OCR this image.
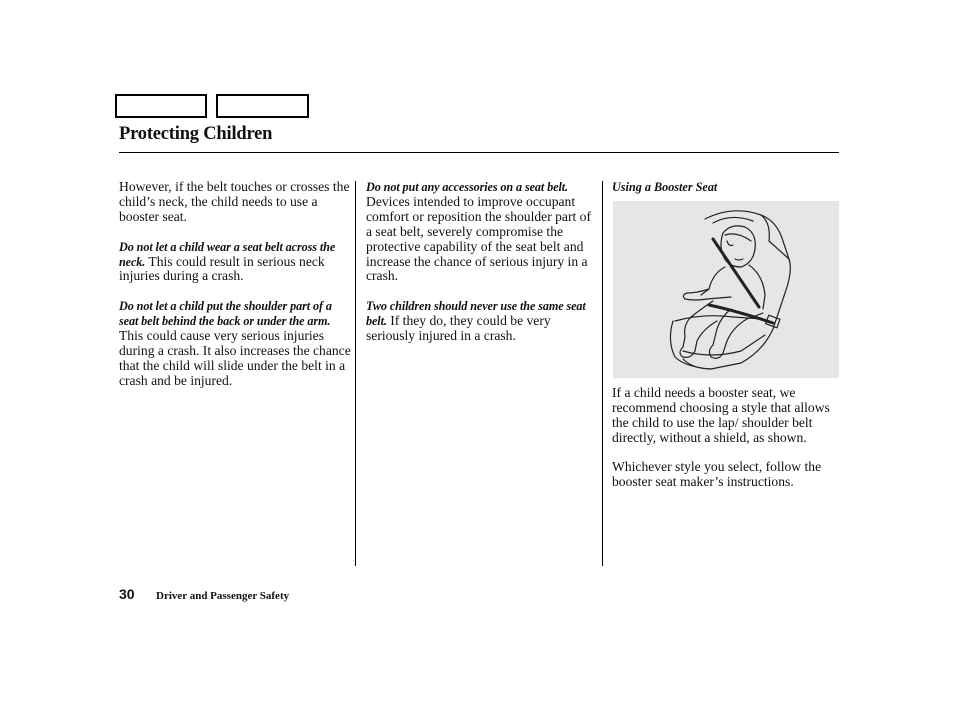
Protecting Children

However, if the belt touches or crosses the child’s neck, the child needs to use a booster seat.

Do not let a child wear a seat belt across the neck. This could result in serious neck injuries during a crash.

Do not let a child put the shoulder part of a seat belt behind the back or under the arm. This could cause very serious injuries during a crash. It also increases the chance that the child will slide under the belt in a crash and be injured.

Do not put any accessories on a seat belt. Devices intended to improve occupant comfort or reposition the shoulder part of a seat belt, severely compromise the protective capability of the seat belt and increase the chance of serious injury in a crash.

Two children should never use the same seat belt. If they do, they could be very seriously injured in a crash.

Using a Booster Seat

If a child needs a booster seat, we recommend choosing a style that allows the child to use the lap/ shoulder belt directly, without a shield, as shown.

Whichever style you select, follow the booster seat maker’s instructions.

30 Driver and Passenger Safety
